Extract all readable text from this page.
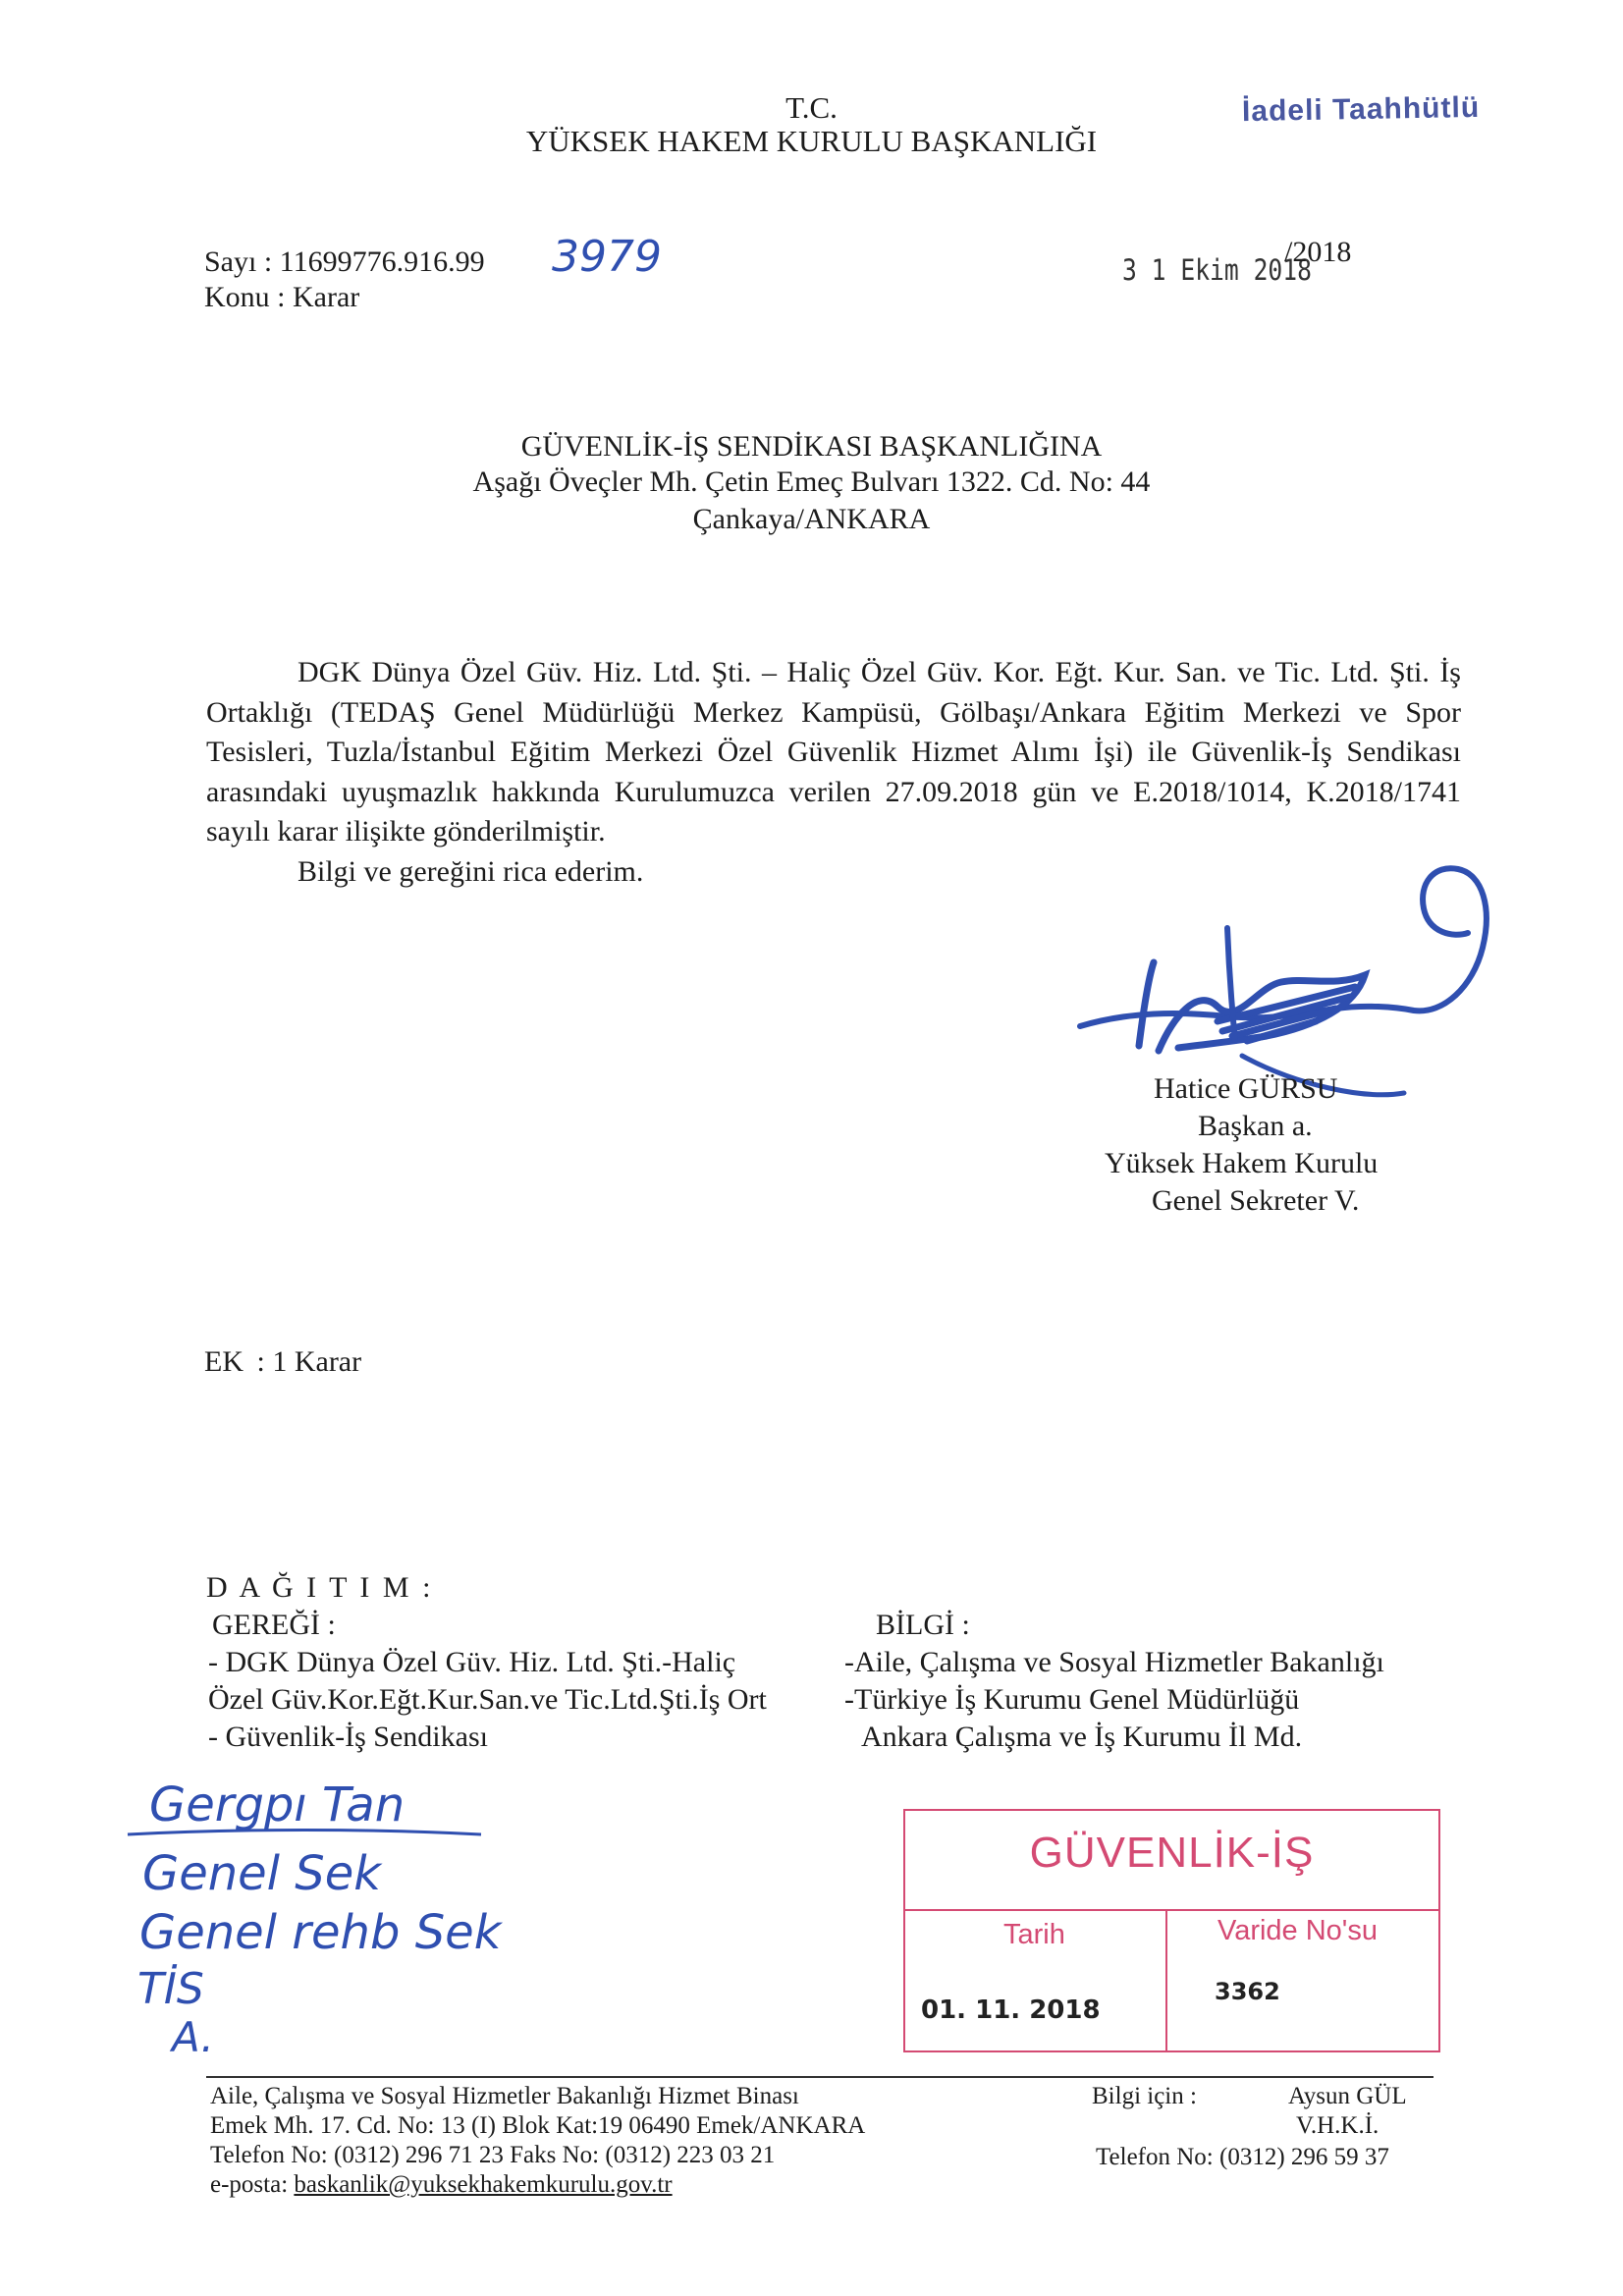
T.C.
YÜKSEK HAKEM KURULU BAŞKANLIĞI
İadeli Taahhütlü
Sayı : 11699776.916.99 3979
Konu : Karar
3 1 Ekim 2018
/2018
GÜVENLİK-İŞ SENDİKASI BAŞKANLIĞINA
Aşağı Öveçler Mh. Çetin Emeç Bulvarı 1322. Cd. No: 44
Çankaya/ANKARA

DGK Dünya Özel Güv. Hiz. Ltd. Şti. – Haliç Özel Güv. Kor. Eğt. Kur. San. ve Tic. Ltd. Şti. İş Ortaklığı (TEDAŞ Genel Müdürlüğü Merkez Kampüsü, Gölbaşı/Ankara Eğitim Merkezi ve Spor Tesisleri, Tuzla/İstanbul Eğitim Merkezi Özel Güvenlik Hizmet Alımı İşi) ile Güvenlik-İş Sendikası arasındaki uyuşmazlık hakkında Kurulumuzca verilen 27.09.2018 gün ve E.2018/1014, K.2018/1741 sayılı karar ilişikte gönderilmiştir.

Bilgi ve gereğini rica ederim.

Hatice GÜRSU
Başkan a.
Yüksek Hakem Kurulu
Genel Sekreter V.
EK : 1 Karar
D A Ğ I T I M :
GEREĞİ :
- DGK Dünya Özel Güv. Hiz. Ltd. Şti.-Haliç
Özel Güv.Kor.Eğt.Kur.San.ve Tic.Ltd.Şti.İş Ort
- Güvenlik-İş Sendikası
BİLGİ :
-Aile, Çalışma ve Sosyal Hizmetler Bakanlığı
-Türkiye İş Kurumu Genel Müdürlüğü
Ankara Çalışma ve İş Kurumu İl Md.
Gergpı Tan
Genel Sek
Genel rehb Sek
TİS
A.
GÜVENLİK-İŞ
Tarih	Varide No'su
01. 11. 2018
3362
Aile, Çalışma ve Sosyal Hizmetler Bakanlığı Hizmet Binası
Emek Mh. 17. Cd. No: 13 (I) Blok Kat:19 06490 Emek/ANKARA
Telefon No: (0312) 296 71 23 Faks No: (0312) 223 03 21
e-posta: baskanlik@yuksekhakemkurulu.gov.tr
Bilgi için :	Aysun GÜL
V.H.K.İ.
Telefon No: (0312) 296 59 37
